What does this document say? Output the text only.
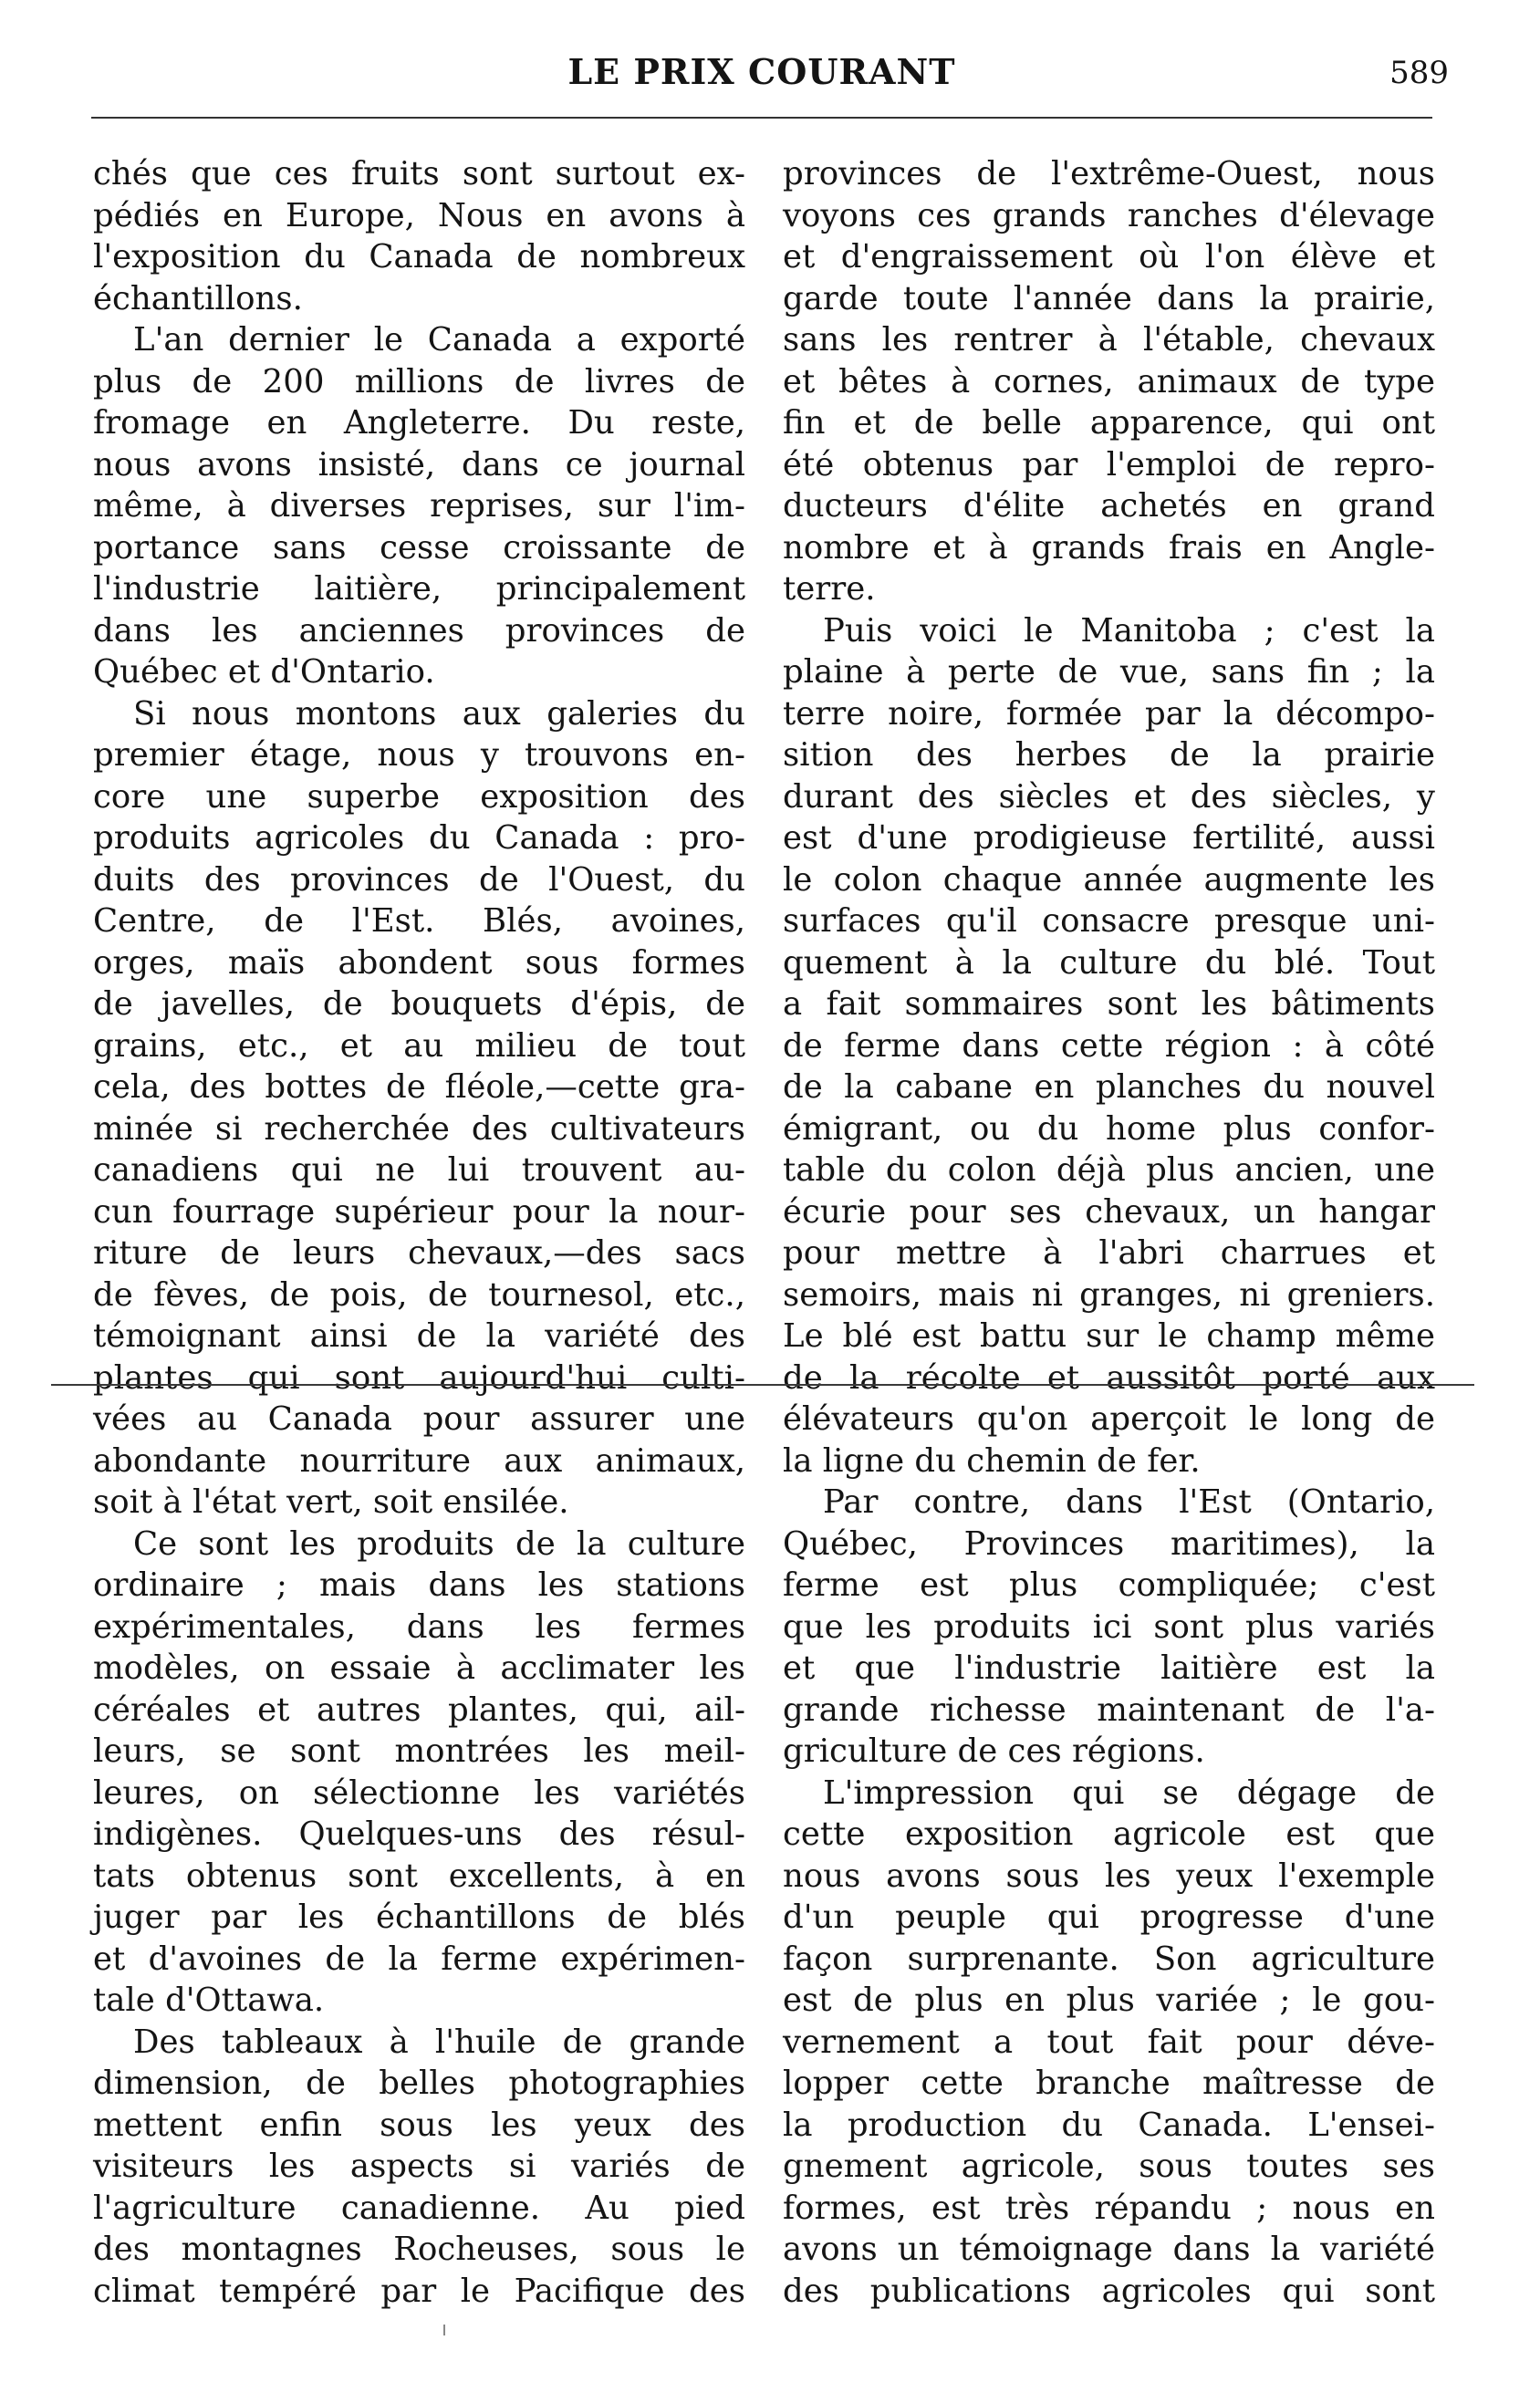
LE PRIX COURANT	589
chés que ces fruits sont surtout ex-
pédiés en Europe, Nous en avons à
l'exposition du Canada de nombreux
échantillons.
L'an dernier le Canada a exporté
plus de 200 millions de livres de
fromage en Angleterre. Du reste,
nous avons insisté, dans ce journal
même, à diverses reprises, sur l'im-
portance sans cesse croissante de
l'industrie laitière, principalement
dans les anciennes provinces de
Québec et d'Ontario.
Si nous montons aux galeries du
premier étage, nous y trouvons en-
core une superbe exposition des
produits agricoles du Canada : pro-
duits des provinces de l'Ouest, du
Centre, de l'Est. Blés, avoines,
orges, maïs abondent sous formes
de javelles, de bouquets d'épis, de
grains, etc., et au milieu de tout
cela, des bottes de fléole,—cette gra-
minée si recherchée des cultivateurs
canadiens qui ne lui trouvent au-
cun fourrage supérieur pour la nour-
riture de leurs chevaux,—des sacs
de fèves, de pois, de tournesol, etc.,
témoignant ainsi de la variété des
plantes qui sont aujourd'hui culti-
vées au Canada pour assurer une
abondante nourriture aux animaux,
soit à l'état vert, soit ensilée.
Ce sont les produits de la culture
ordinaire ; mais dans les stations
expérimentales, dans les fermes
modèles, on essaie à acclimater les
céréales et autres plantes, qui, ail-
leurs, se sont montrées les meil-
leures, on sélectionne les variétés
indigènes. Quelques-uns des résul-
tats obtenus sont excellents, à en
juger par les échantillons de blés
et d'avoines de la ferme expérimen-
tale d'Ottawa.
Des tableaux à l'huile de grande
dimension, de belles photographies
mettent enfin sous les yeux des
visiteurs les aspects si variés de
l'agriculture canadienne. Au pied
des montagnes Rocheuses, sous le
climat tempéré par le Pacifique des
provinces de l'extrême-Ouest, nous
voyons ces grands ranches d'élevage
et d'engraissement où l'on élève et
garde toute l'année dans la prairie,
sans les rentrer à l'étable, chevaux
et bêtes à cornes, animaux de type
fin et de belle apparence, qui ont
été obtenus par l'emploi de repro-
ducteurs d'élite achetés en grand
nombre et à grands frais en Angle-
terre.
Puis voici le Manitoba ; c'est la
plaine à perte de vue, sans fin ; la
terre noire, formée par la décompo-
sition des herbes de la prairie
durant des siècles et des siècles, y
est d'une prodigieuse fertilité, aussi
le colon chaque année augmente les
surfaces qu'il consacre presque uni-
quement à la culture du blé. Tout
a fait sommaires sont les bâtiments
de ferme dans cette région : à côté
de la cabane en planches du nouvel
émigrant, ou du home plus confor-
table du colon déjà plus ancien, une
écurie pour ses chevaux, un hangar
pour mettre à l'abri charrues et
semoirs, mais ni granges, ni greniers.
Le blé est battu sur le champ même
de la récolte et aussitôt porté aux
élévateurs qu'on aperçoit le long de
la ligne du chemin de fer.
Par contre, dans l'Est (Ontario,
Québec, Provinces maritimes), la
ferme est plus compliquée; c'est
que les produits ici sont plus variés
et que l'industrie laitière est la
grande richesse maintenant de l'a-
griculture de ces régions.
L'impression qui se dégage de
cette exposition agricole est que
nous avons sous les yeux l'exemple
d'un peuple qui progresse d'une
façon surprenante. Son agriculture
est de plus en plus variée ; le gou-
vernement a tout fait pour déve-
lopper cette branche maîtresse de
la production du Canada. L'ensei-
gnement agricole, sous toutes ses
formes, est très répandu ; nous en
avons un témoignage dans la variété
des publications agricoles qui sont
